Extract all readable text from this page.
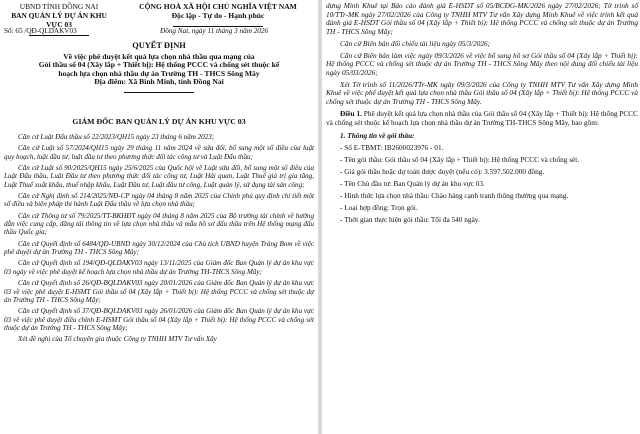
UBND TỈNH ĐỒNG NAI
BAN QUẢN LÝ DỰ ÁN KHU VỰC 03
CỘNG HOÀ XÃ HỘI CHỦ NGHĨA VIỆT NAM
Độc lập - Tự do - Hạnh phúc
Số: 65 /QĐ-QLDAKV03	Đồng Nai, ngày 11 tháng 3 năm 2026
QUYẾT ĐỊNH
Về việc phê duyệt kết quả lựa chọn nhà thầu qua mạng của
Gói thầu số 04 (Xây lắp + Thiết bị): Hệ thống PCCC và chống sét thuộc kế
hoạch lựa chọn nhà thầu dự án Trường TH - THCS Sông Mây
Địa điểm: Xã Bình Minh, tỉnh Đồng Nai
GIÁM ĐỐC BAN QUẢN LÝ DỰ ÁN KHU VỰC 03

Căn cứ Luật Đấu thầu số 22/2023/QH15 ngày 23 tháng 6 năm 2023;

Căn cứ Luật số 57/2024/QH15 ngày 29 tháng 11 năm 2024 về sửa đổi, bổ sung một số điều của luật quy hoạch, luật đầu tư, luật đầu tư theo phương thức đối tác công tư và Luật Đấu thầu;

Căn cứ Luật số 90/2025/QH15 ngày 25/6/2025 của Quốc hội về Luật sửa đổi, bổ sung một số điều của Luật Đấu thầu, Luật Đầu tư theo phương thức đối tác công tư, Luật Hải quan, Luật Thuế giá trị gia tăng, Luật Thuế xuất khẩu, thuế nhập khẩu, Luật Đầu tư, Luật đầu tư công, Luật quản lý, sử dụng tài sản công;

Căn cứ Nghị định số 214/2025/NĐ-CP ngày 04 tháng 8 năm 2025 của Chính phủ quy định chi tiết một số điều và biện pháp thi hành Luật Đấu thầu về lựa chọn nhà thầu;

Căn cứ Thông tư số 79/2025/TT-BKHĐT ngày 04 tháng 8 năm 2025 của Bộ trưởng tài chính về hướng dẫn việc cung cấp, đăng tải thông tin về lựa chọn nhà thầu và mẫu hồ sơ đấu thầu trên Hệ thống mạng đấu thầu Quốc gia;

Căn cứ Quyết định số 6484/QĐ-UBND ngày 30/12/2024 của Chủ tịch UBND huyện Trảng Bom về việc phê duyệt dự án Trường TH - THCS Sông Mây;

Căn cứ Quyết định số 194/QĐ-QLDAKV03 ngày 13/11/2025 của Giám đốc Ban Quản lý dự án khu vực 03 ngày về việc phê duyệt kế hoạch lựa chọn nhà thầu dự án Trường TH-THCS Sông Mây;

Căn cứ Quyết định số 26/QĐ-BQLDAKV03 ngày 20/01/2026 của Giám đốc Ban Quản lý dự án khu vực 03 về việc phê duyệt E-HSMT Gói thầu số 04 (Xây lắp + Thiết bị): Hệ thống PCCC và chống sét thuộc dự án Trường TH - THCS Sông Mây;

Căn cứ Quyết định số 37/QĐ-BQLDAKV03 ngày 26/01/2026 của Giám đốc Ban Quản lý dự án khu vực 03 về việc phê duyệt điều chỉnh E-HSMT Gói thầu số 04 (Xây lắp + Thiết bị): Hệ thống PCCC và chống sét thuộc dự án Trường TH - THCS Sông Mây;

Xét đề nghị của Tổ chuyên gia thuộc Công ty TNHH MTV Tư vấn Xây

dựng Minh Khuê tại Báo cáo đánh giá E-HSDT số 05/BCĐG-MK/2026 ngày 27/02/2026; Tờ trình số 10/TTr-MK ngày 27/02/2026 của Công ty TNHH MTV Tư vấn Xây dựng Minh Khuê về việc trình kết quả đánh giá E-HSDT Gói thầu số 04 (Xây lắp + Thiết bị): Hệ thống PCCC và chống sét thuộc dự án Trường TH - THCS Sông Mây;

Căn cứ Biên bản đối chiếu tài liệu ngày 05/3/2026;

Căn cứ Biên bản làm việc ngày 09/3/2026 về việc bổ sung hồ sơ Gói thầu số 04 (Xây lắp + Thiết bị): Hệ thống PCCC và chống sét thuộc dự án Trường TH - THCS Sông Mây theo nội dung đối chiếu tài liệu ngày 05/03/2026;

Xét Tờ trình số 11/2026/TTr-MK ngày 09/3/2026 của Công ty TNHH MTV Tư vấn Xây dựng Minh Khuê về việc phê duyệt kết quả lựa chọn nhà thầu Gói thầu số 04 (Xây lắp + Thiết bị): Hệ thống PCCC và chống sét thuộc dự án Trường TH - THCS Sông Mây.

Điều 1. Phê duyệt kết quả lựa chọn nhà thầu của Gói thầu số 04 (Xây lắp + Thiết bị): Hệ thống PCCC và chống sét thuộc kế hoạch lựa chọn nhà thầu dự án Trường TH-THCS Sông Mây, bao gồm:

1. Thông tin về gói thầu:

- Số E-TBMT: IB2600023976 - 01.

- Tên gói thầu: Gói thầu số 04 (Xây lắp + Thiết bị): Hệ thống PCCC và chống sét.

- Giá gói thầu hoặc dự toán được duyệt (nếu có): 3.597.502.000 đồng.

- Tên Chủ đầu tư: Ban Quản lý dự án khu vực 03.

- Hình thức lựa chọn nhà thầu: Chào hàng cạnh tranh thông thường qua mạng.

- Loại hợp đồng: Trọn gói.

- Thời gian thực hiện gói thầu: Tối đa 540 ngày.
